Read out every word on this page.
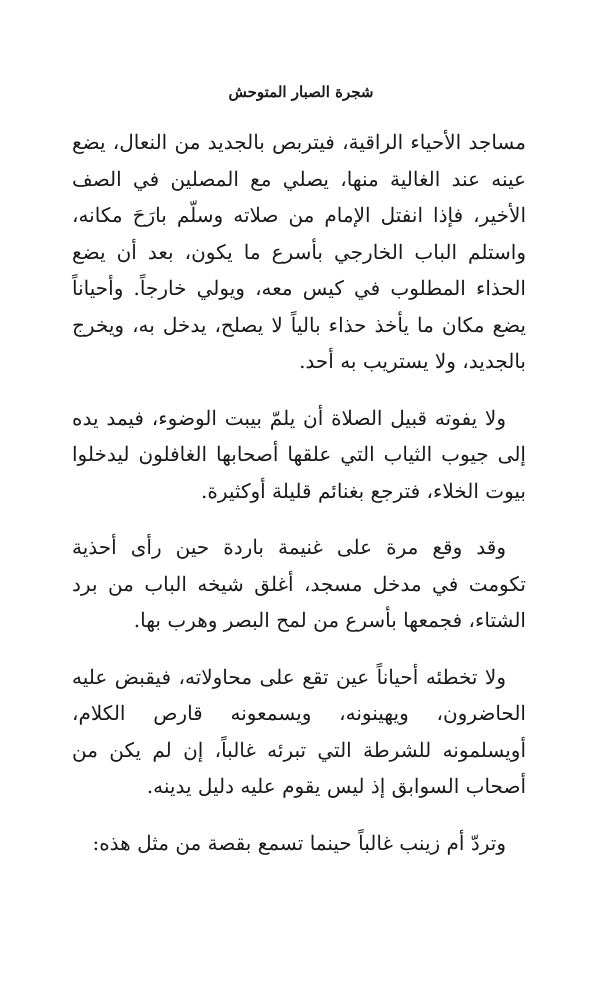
شجرة الصبار المتوحش

مساجد الأحياء الراقية، فيتربص بالجديد من النعال، يضع عينه عند الغالية منها، يصلي مع المصلين في الصف الأخير، فإذا انفتل الإمام من صلاته وسلّم بارَحَ مكانه، واستلم الباب الخارجي بأسرع ما يكون، بعد أن يضع الحذاء المطلوب في كيس معه، ويولي خارجاً. وأحياناً يضع مكان ما يأخذ حذاء بالياً لا يصلح، يدخل به، ويخرج بالجديد، ولا يستريب به أحد.

ولا يفوته قبيل الصلاة أن يلمّ بيبت الوضوء، فيمد يده إلى جيوب الثياب التي علقها أصحابها الغافلون ليدخلوا بيوت الخلاء، فترجع بغنائم قليلة أوكثيرة.

وقد وقع مرة على غنيمة باردة حين رأى أحذية تكومت في مدخل مسجد، أغلق شيخه الباب من برد الشتاء، فجمعها بأسرع من لمح البصر وهرب بها.

ولا تخطئه أحياناً عين تقع على محاولاته، فيقبض عليه الحاضرون، ويهينونه، ويسمعونه قارص الكلام، أويسلمونه للشرطة التي تبرئه غالباً، إن لم يكن من أصحاب السوابق إذ ليس يقوم عليه دليل يدينه.

وتردّ أم زينب غالباً حينما تسمع بقصة من مثل هذه:
